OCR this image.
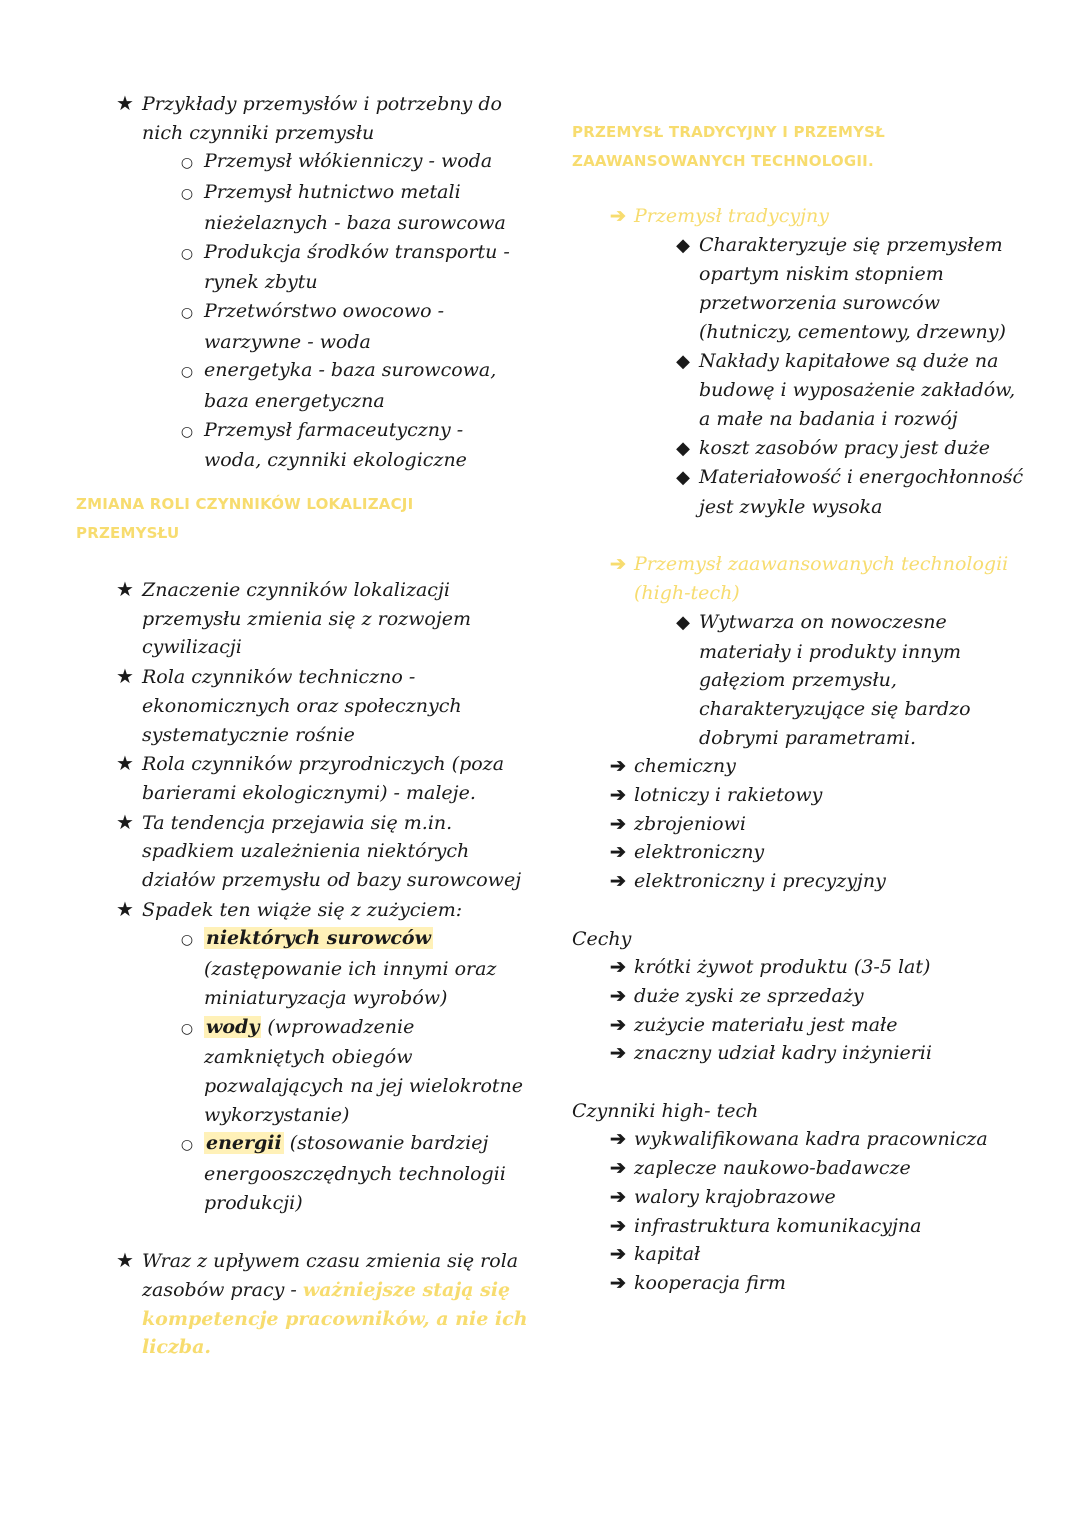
★ Przykłady przemysłów i potrzebny do
nich czynniki przemysłu
○ Przemysł włókienniczy - woda
○ Przemysł hutnictwo metali
nieżelaznych - baza surowcowa
○ Produkcja środków transportu -
rynek zbytu
○ Przetwórstwo owocowo -
warzywne - woda
○ energetyka - baza surowcowa,
baza energetyczna
○ Przemysł farmaceutyczny -
woda, czynniki ekologiczne
ZMIANA ROLI CZYNNIKÓW LOKALIZACJI
PRZEMYSŁU
★ Znaczenie czynników lokalizacji
przemysłu zmienia się z rozwojem
cywilizacji
★ Rola czynników techniczno -
ekonomicznych oraz społecznych
systematycznie rośnie
★ Rola czynników przyrodniczych (poza
barierami ekologicznymi) - maleje.
★ Ta tendencja przejawia się m.in.
spadkiem uzależnienia niektórych
działów przemysłu od bazy surowcowej
★ Spadek ten wiąże się z zużyciem:
○ niektórych surowców
(zastępowanie ich innymi oraz
miniaturyzacja wyrobów)
○ wody (wprowadzenie
zamkniętych obiegów
pozwalających na jej wielokrotne
wykorzystanie)
○ energii (stosowanie bardziej
energooszczędnych technologii
produkcji)
★ Wraz z upływem czasu zmienia się rola
zasobów pracy - ważniejsze stają się
kompetencje pracowników, a nie ich
liczba.
PRZEMYSŁ TRADYCYJNY I PRZEMYSŁ
ZAAWANSOWANYCH TECHNOLOGII.
➔ Przemysł tradycyjny
◆ Charakteryzuje się przemysłem
opartym niskim stopniem
przetworzenia surowców
(hutniczy, cementowy, drzewny)
◆ Nakłady kapitałowe są duże na
budowę i wyposażenie zakładów,
a małe na badania i rozwój
◆ koszt zasobów pracy jest duże
◆ Materiałowość i energochłonność
jest zwykle wysoka
➔ Przemysł zaawansowanych technologii
(high-tech)
◆ Wytwarza on nowoczesne
materiały i produkty innym
gałęziom przemysłu,
charakteryzujące się bardzo
dobrymi parametrami.
➔ chemiczny
➔ lotniczy i rakietowy
➔ zbrojeniowi
➔ elektroniczny
➔ elektroniczny i precyzyjny
Cechy
➔ krótki żywot produktu (3-5 lat)
➔ duże zyski ze sprzedaży
➔ zużycie materiału jest małe
➔ znaczny udział kadry inżynierii
Czynniki high- tech
➔ wykwalifikowana kadra pracownicza
➔ zaplecze naukowo-badawcze
➔ walory krajobrazowe
➔ infrastruktura komunikacyjna
➔ kapitał
➔ kooperacja firm
